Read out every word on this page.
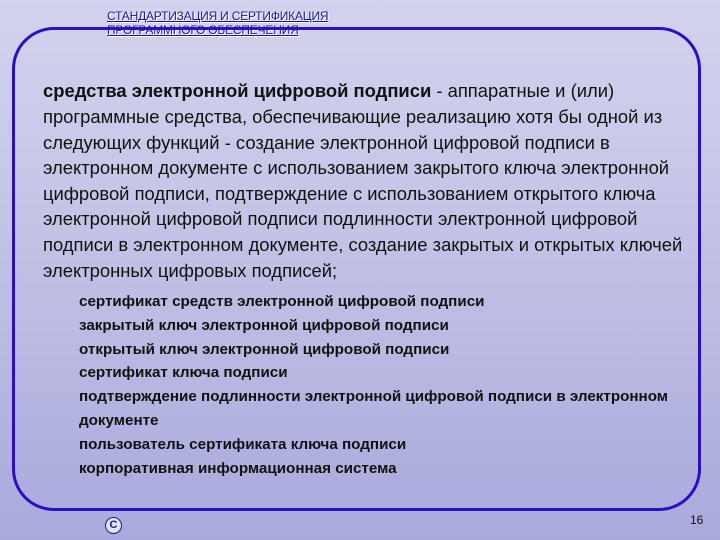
СТАНДАРТИЗАЦИЯ И СЕРТИФИКАЦИЯ
ПРОГРАММНОГО ОБЕСПЕЧЕНИЯ

средства электронной цифровой подписи - аппаратные и (или) программные средства, обеспечивающие реализацию хотя бы одной из следующих функций - создание электронной цифровой подписи в электронном документе с использованием закрытого ключа электронной цифровой подписи, подтверждение с использованием открытого ключа электронной цифровой подписи подлинности электронной цифровой подписи в электронном документе, создание закрытых и открытых ключей электронных цифровых подписей;

сертификат средств электронной цифровой подписи
закрытый ключ электронной цифровой подписи
открытый ключ электронной цифровой подписи
сертификат ключа подписи
подтверждение подлинности электронной цифровой подписи в электронном документе
пользователь сертификата ключа подписи
корпоративная информационная система
С	16
